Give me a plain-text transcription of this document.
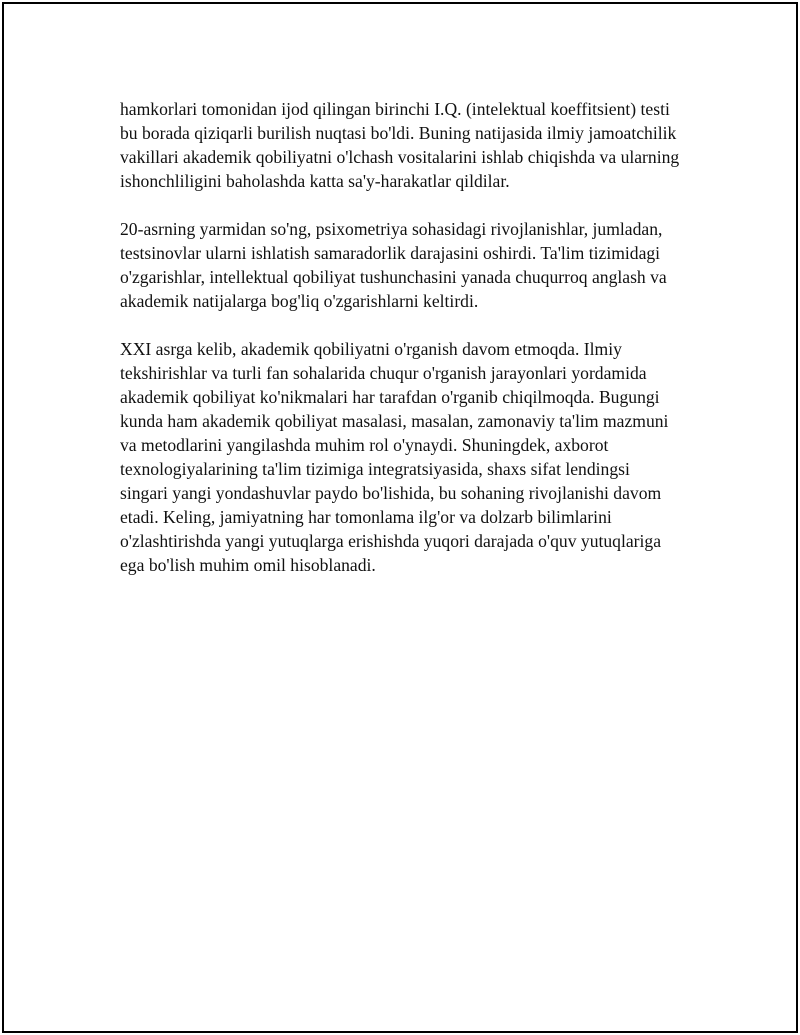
hamkorlari tomonidan ijod qilingan birinchi I.Q. (intelektual koeffitsient) testi bu borada qiziqarli burilish nuqtasi bo'ldi. Buning natijasida ilmiy jamoatchilik vakillari akademik qobiliyatni o'lchash vositalarini ishlab chiqishda va ularning ishonchliligini baholashda katta sa'y-harakatlar qildilar.

20-asrning yarmidan so'ng, psixometriya sohasidagi rivojlanishlar, jumladan, testsinovlar ularni ishlatish samaradorlik darajasini oshirdi. Ta'lim tizimidagi o'zgarishlar, intellektual qobiliyat tushunchasini yanada chuqurroq anglash va akademik natijalarga bog'liq o'zgarishlarni keltirdi.

XXI asrga kelib, akademik qobiliyatni o'rganish davom etmoqda. Ilmiy tekshirishlar va turli fan sohalarida chuqur o'rganish jarayonlari yordamida akademik qobiliyat ko'nikmalari har tarafdan o'rganib chiqilmoqda. Bugungi kunda ham akademik qobiliyat masalasi, masalan, zamonaviy ta'lim mazmuni va metodlarini yangilashda muhim rol o'ynaydi. Shuningdek, axborot texnologiyalarining ta'lim tizimiga integratsiyasida, shaxs sifat lendingsi singari yangi yondashuvlar paydo bo'lishida, bu sohaning rivojlanishi davom etadi. Keling, jamiyatning har tomonlama ilg'or va dolzarb bilimlarini o'zlashtirishda yangi yutuqlarga erishishda yuqori darajada o'quv yutuqlariga ega bo'lish muhim omil hisoblanadi.
